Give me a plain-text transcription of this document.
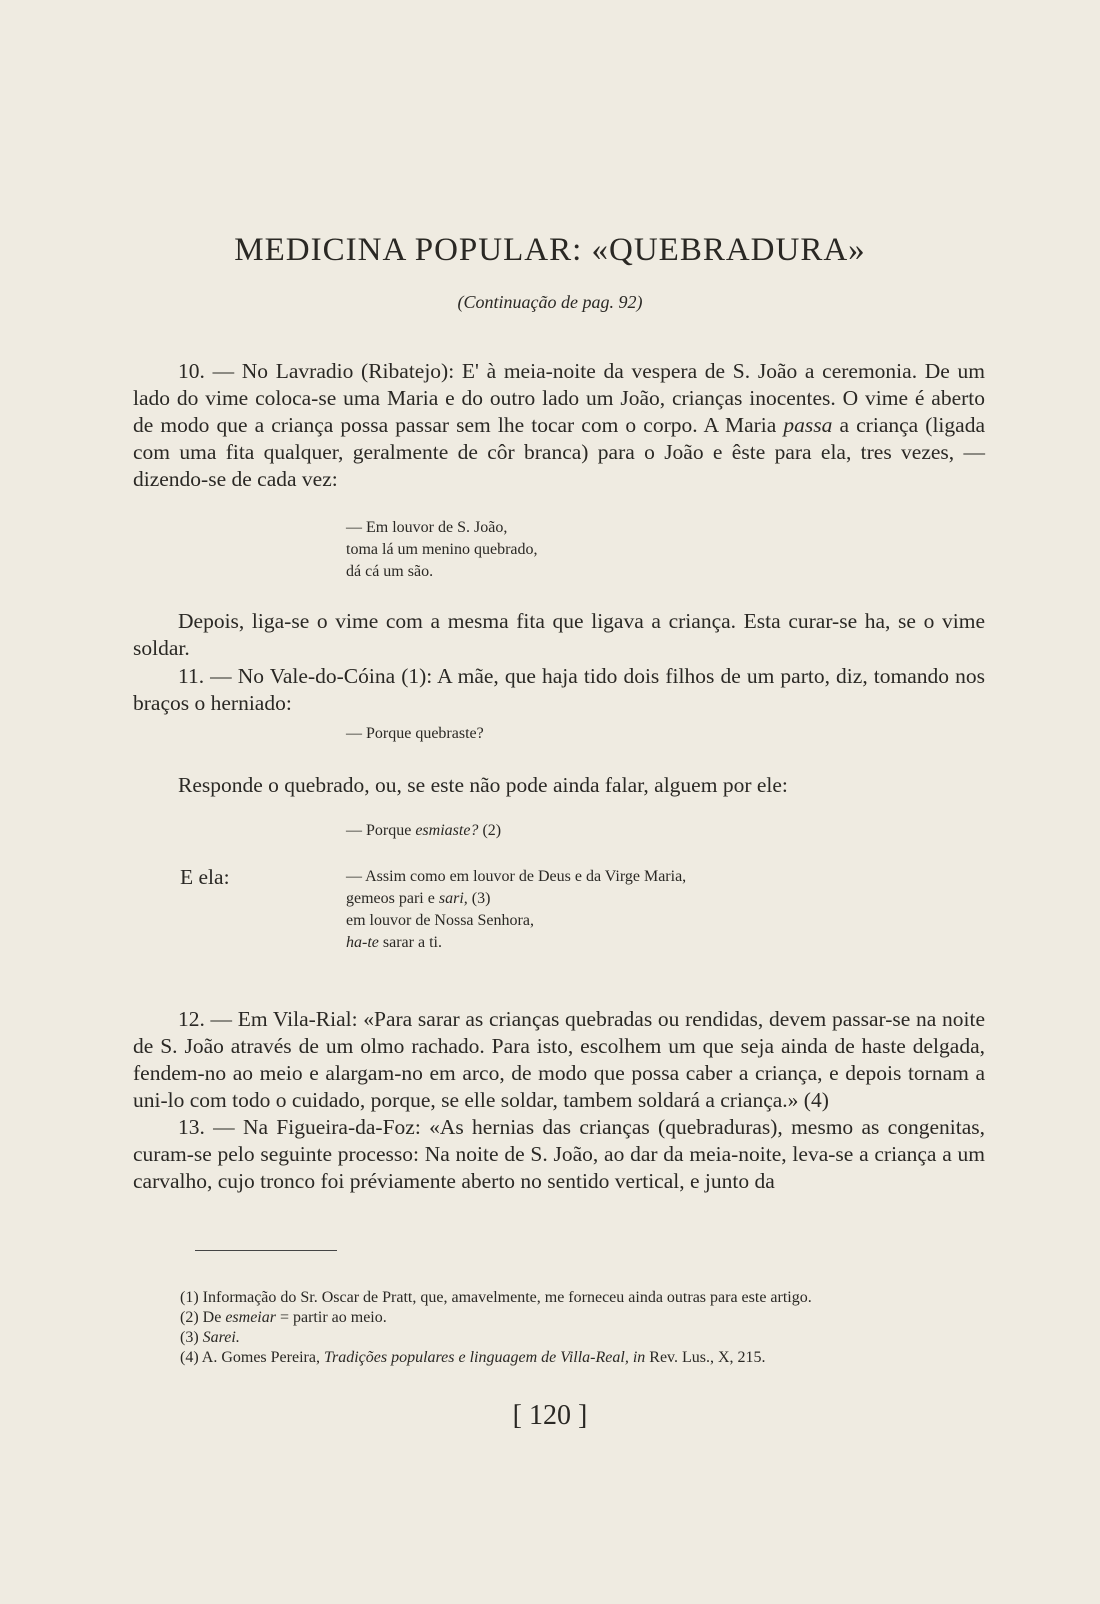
MEDICINA POPULAR: «QUEBRADURA»
(Continuação de pag. 92)

10. — No Lavradio (Ribatejo): E' à meia-noite da vespera de S. João a ceremonia. De um lado do vime coloca-se uma Maria e do outro lado um João, crianças inocentes. O vime é aberto de modo que a criança possa passar sem lhe tocar com o corpo. A Maria passa a criança (ligada com uma fita qualquer, geralmente de côr branca) para o João e êste para ela, tres vezes, — dizendo-se de cada vez:

— Em louvor de S. João,
toma lá um menino quebrado,
dá cá um são.

Depois, liga-se o vime com a mesma fita que ligava a criança. Esta curar-se ha, se o vime soldar.

11. — No Vale-do-Cóina (1): A mãe, que haja tido dois filhos de um parto, diz, tomando nos braços o herniado:

— Porque quebraste?

Responde o quebrado, ou, se este não pode ainda falar, alguem por ele:

— Porque esmiaste? (2)
E ela:	— Assim como em louvor de Deus e da Virge Maria,
gemeos pari e sari, (3)
em louvor de Nossa Senhora,
ha-te sarar a ti.

12. — Em Vila-Rial: «Para sarar as crianças quebradas ou rendidas, devem passar-se na noite de S. João através de um olmo rachado. Para isto, escolhem um que seja ainda de haste delgada, fendem-no ao meio e alargam-no em arco, de modo que possa caber a criança, e depois tornam a uni-lo com todo o cuidado, porque, se elle soldar, tambem soldará a criança.» (4)

13. — Na Figueira-da-Foz: «As hernias das crianças (quebraduras), mesmo as congenitas, curam-se pelo seguinte processo: Na noite de S. João, ao dar da meia-noite, leva-se a criança a um carvalho, cujo tronco foi préviamente aberto no sentido vertical, e junto da

(1) Informação do Sr. Oscar de Pratt, que, amavelmente, me forneceu ainda outras para este artigo.
(2) De esmeiar = partir ao meio.
(3) Sarei.
(4) A. Gomes Pereira, Tradições populares e linguagem de Villa-Real, in Rev. Lus., X, 215.
[ 120 ]
